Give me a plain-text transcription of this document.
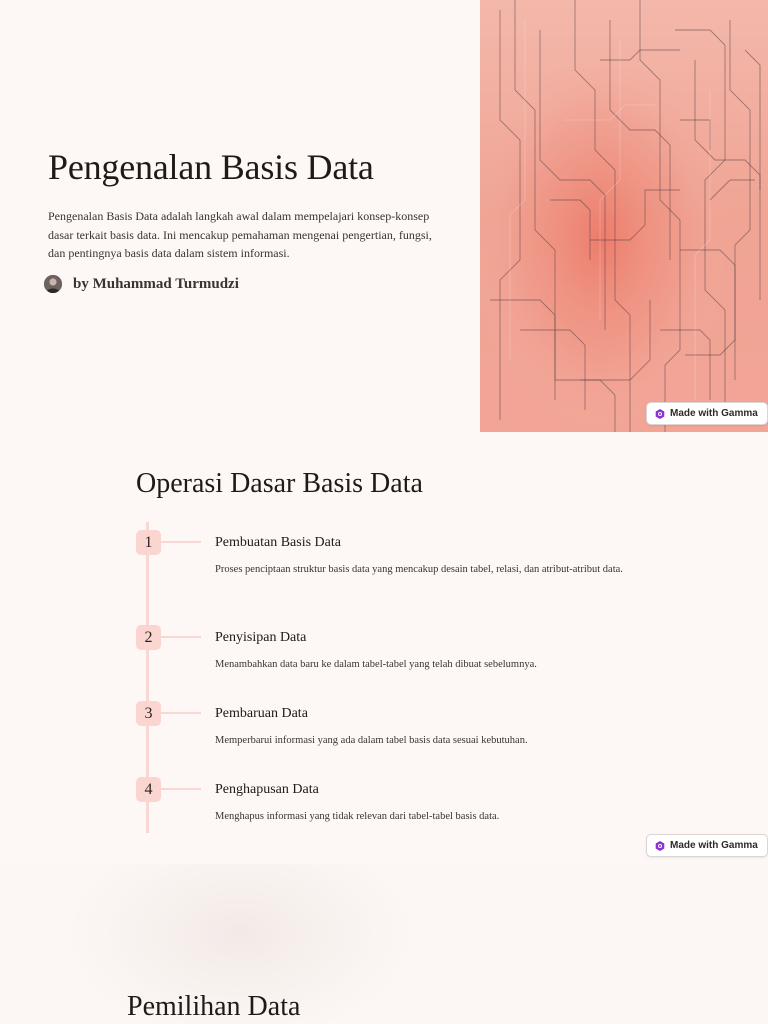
Pengenalan Basis Data

Pengenalan Basis Data adalah langkah awal dalam mempelajari konsep-konsep dasar terkait basis data. Ini mencakup pemahaman mengenai pengertian, fungsi, dan pentingnya basis data dalam sistem informasi.

by Muhammad Turmudzi
Made with Gamma
Operasi Dasar Basis Data
1	Pembuatan Basis Data
Proses penciptaan struktur basis data yang mencakup desain tabel, relasi, dan atribut-atribut data.
2	Penyisipan Data
Menambahkan data baru ke dalam tabel-tabel yang telah dibuat sebelumnya.
3	Pembaruan Data
Memperbarui informasi yang ada dalam tabel basis data sesuai kebutuhan.
4	Penghapusan Data
Menghapus informasi yang tidak relevan dari tabel-tabel basis data.
Made with Gamma
Pemilihan Data
